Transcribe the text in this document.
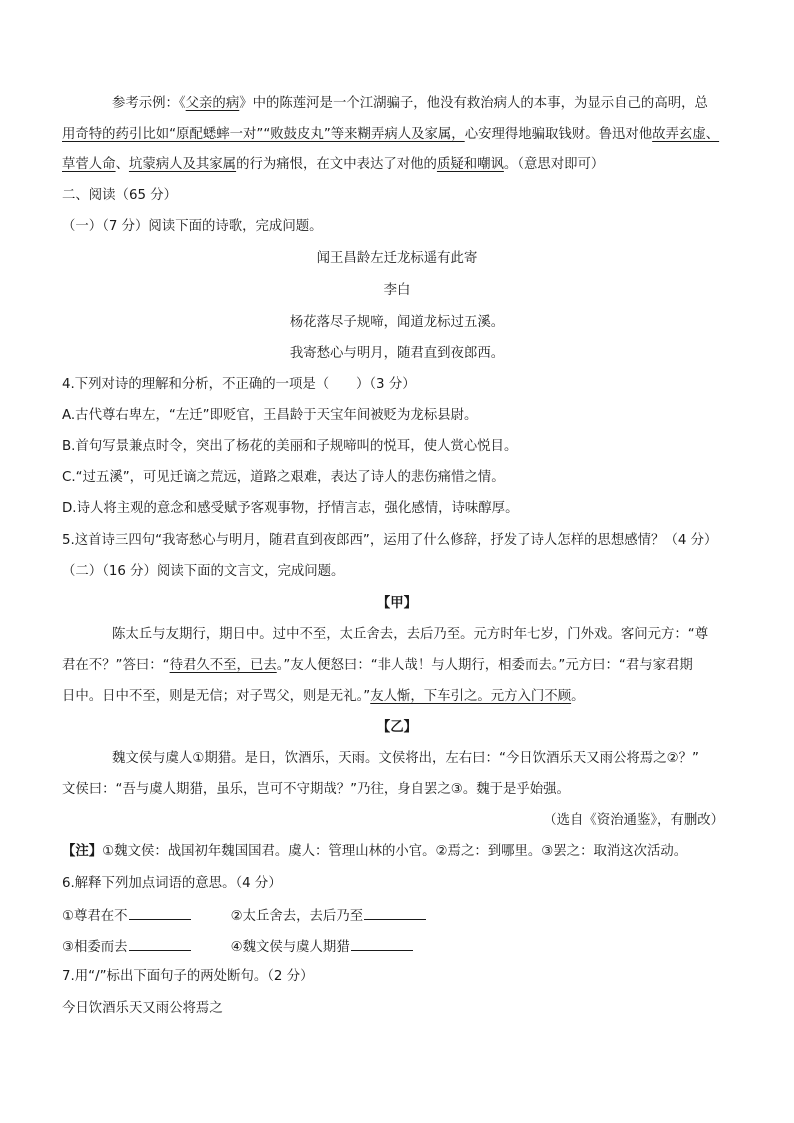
参考示例：《父亲的病》中的陈莲河是一个江湖骗子，他没有救治病人的本事，为显示自己的高明，总
用奇特的药引比如“原配蟋蟀一对”“败鼓皮丸”等来糊弄病人及家属，心安理得地骗取钱财。鲁迅对他故弄玄虚、
草菅人命、坑蒙病人及其家属的行为痛恨，在文中表达了对他的质疑和嘲讽。（意思对即可）
二、阅读（65 分）
（一）（7 分）阅读下面的诗歌，完成问题。
闻王昌龄左迁龙标遥有此寄
李白
杨花落尽子规啼，闻道龙标过五溪。
我寄愁心与明月，随君直到夜郎西。
4.下列对诗的理解和分析，不正确的一项是（　　）（3 分）
A.古代尊右卑左，“左迁”即贬官，王昌龄于天宝年间被贬为龙标县尉。
B.首句写景兼点时令，突出了杨花的美丽和子规啼叫的悦耳，使人赏心悦目。
C.“过五溪”，可见迁谪之荒远，道路之艰难，表达了诗人的悲伤痛惜之情。
D.诗人将主观的意念和感受赋予客观事物，抒情言志，强化感情，诗味醇厚。
5.这首诗三四句“我寄愁心与明月，随君直到夜郎西”，运用了什么修辞，抒发了诗人怎样的思想感情？（4 分）
（二）（16 分）阅读下面的文言文，完成问题。
【甲】
陈太丘与友期行，期日中。过中不至，太丘舍去，去后乃至。元方时年七岁，门外戏。客问元方：“尊
君在不？”答曰：“待君久不至，已去。”友人便怒曰：“非人哉！与人期行，相委而去。”元方曰：“君与家君期
日中。日中不至，则是无信；对子骂父，则是无礼。”友人惭，下车引之。元方入门不顾。
【乙】
魏文侯与虞人①期猎。是日，饮酒乐，天雨。文侯将出，左右曰：“今日饮酒乐天又雨公将焉之②？”
文侯曰：“吾与虞人期猎，虽乐，岂可不守期哉？”乃往，身自罢之③。魏于是乎始强。
（选自《资治通鉴》，有删改）
【注】①魏文侯：战国初年魏国国君。虞人：管理山林的小官。②焉之：到哪里。③罢之：取消这次活动。
6.解释下列加点词语的意思。（4 分）
①尊君在不	②太丘舍去，去后乃至
③相委而去	④魏文侯与虞人期猎
7.用“/”标出下面句子的两处断句。（2 分）
今日饮酒乐天又雨公将焉之
